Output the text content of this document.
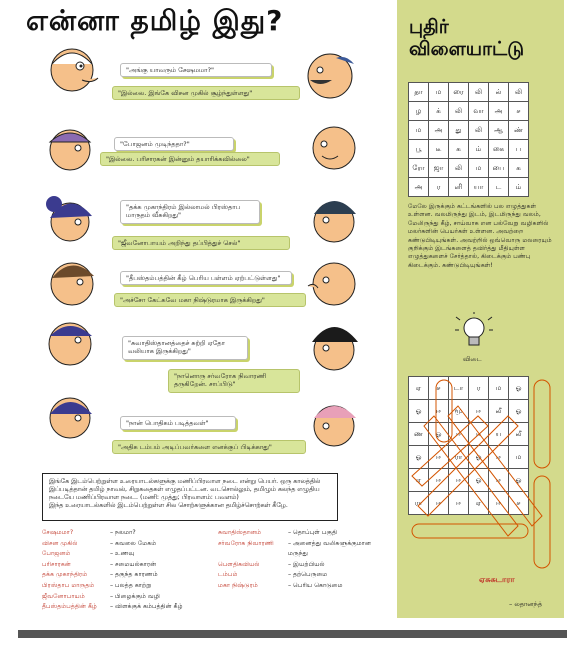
என்னா தமிழ் இது?
"அங்கு யாவரும் சேஷமமா?"
"இல்லை. இங்கே விசன முகில் சூழ்ந்துள்ளது"
"போஜனம் முடிந்ததா?"
"இல்லை. பரிசாரகன் இன்னும் தயாரிக்கவில்லை"
"தக்க முகாந்திரம் இல்லாமல் பிரஸ்தாப மாருதம் வீசுகிறது"
"ஜீவனோபாயம் அறிந்து தப்பித்துச் செல்"
"தீபஸ்தம்பத்தின் கீழ் பெரிய பள்ளம் ஏற்பட்டுள்ளது"
"அச்சோ கேட்கவே மகா நிஷ்டுரமாக இருக்கிறது"
"சுவாதிஸ்தானத்தைச் சுற்றி ஏதோ வலியாக இருக்கிறது"
"நானொரு சர்வரோக நிவாரணி தருகிறேன். சாப்பிடு"
"நான் பொதிகம் படித்தவள்"
"அதிக டம்பம் அடிப்பவர்களை எனக்குப் பிடிக்காது"
இங்கே இடம்பெற்றுள்ள உரையாடல்களுக்கு மணிப்பிரவாள நடை என்று பெயர். ஒரு காலத்தில் இப்படித்தான் தமிழ் நாவல், சிறுகதைகள் எழுதப்பட்டன. வடசொல்லும், தமிழும் கலந்த எழுதிய நடையே மணிப்பிரவாள நடை. (மணி: முத்து; பிரவாளம்: பவளம்)
இந்த உரையாடல்களில் இடம்பெற்றுள்ள சில சொற்களுக்கான தமிழ்ச்சொற்கள் கீழே.
சேஷமமா?	– நலமா?
விசன முகில்	– கவலை மேகம்
போஜனம்	– உணவு
பரிசாரகன்	– சமையல்காரன்
தக்க முகாந்திரம்	– தகுந்த காரணம்
பிரஸ்தாப மாருதம்	– பலத்த காற்று
ஜீவனோபாயம்	– பிழைக்கும் வழி
தீபஸ்தம்பத்தின் கீழ் – விளக்குக் கம்பத்தின் கீழ்
சுவாதிஸ்தானம்	– தொப்புள் பகுதி
சர்வரோக நிவாரணி – அனைத்து வலிகளுக்குமான மருந்து
பௌதிகவியல்	– இயற்பியல்
டம்பம்	– தற்பெருமை
மகா நிஷ்டுரம்	– பெரிய கொடுமை
புதிர்
விளையாட்டு
தா	ம	ரை	லி	ல்	லி
ழ	க்	லி	வா	அ	ச
ம	அ	து	லி	ஆ	ண்
பூ	டீ	க	ம்	கை	ப
ரோ	ஜா	லி	ம	பை	க
அ	ர	ளி	யா	ட	ம்
மேலே இருக்கும் கட்டங்களில் பல எழுத்துகள் உள்ளன. வலமிருந்து இடம், இடமிருந்து வலம், மேலிருந்து கீழ், சாய்வாக என பல்வேறு வழிகளில் மலர்களின் பெயர்கள் உள்ளன. அவற்றை கண்டுபிடியுங்கள். அவற்றில் ஒவ்வொரு மலரையும் குறிக்கும் இடங்களைத் தவிர்த்து மீதியுள்ள எழுத்துகளைச் சேர்த்தால், கிடைக்கும் பண்பு கிடைக்கும். கண்டுபிடியுங்கள்!
விடை
ஏ	ச	டா	ர	ம	ஓ
ஓ	ஈ	மூ	ஈ	லீ	ஓ
ண	ஓ	ஈ	ஈ	ய	லீ
ஓ	ஈ	ரா	ஓ	ஈ	ம
ஏ	ஈ	ஈ	ஓ	ஈ	ஓ
ரா	ஈ	ஈ	ஏ	ஈ	ச
ஏசுசுடாரா
– லதானந்த்
